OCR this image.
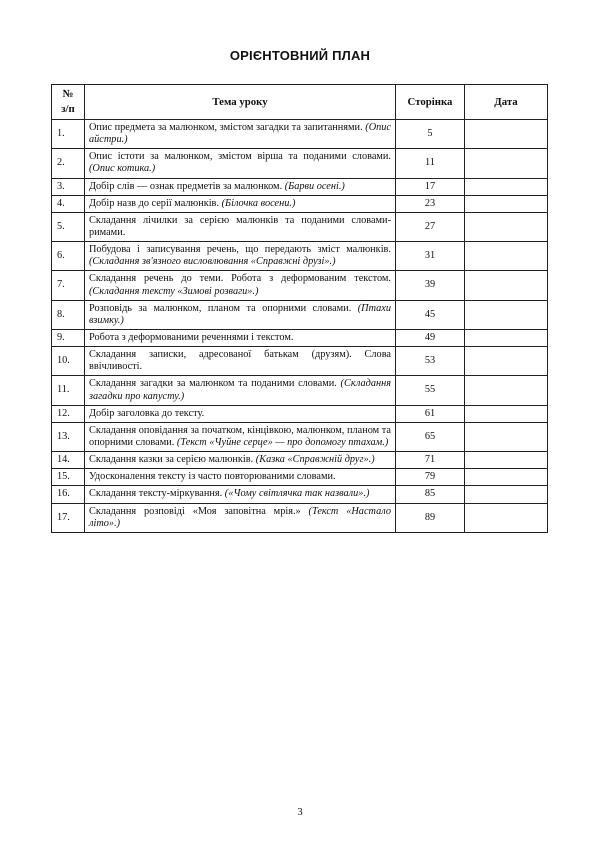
ОРІЄНТОВНИЙ ПЛАН
№
з/п	Тема уроку	Сторінка	Дата
1.	Опис предмета за малюнком, змістом загадки та запитаннями. (Опис айстри.)	5	
2.	Опис істоти за малюнком, змістом вірша та поданими словами. (Опис котика.)	11	
3.	Добір слів — ознак предметів за малюнком. (Барви осені.)	17	
4.	Добір назв до серії малюнків. (Білочка восени.)	23	
5.	Складання лічилки за серією малюнків та поданими словами-римами.	27	
6.	Побудова і записування речень, що передають зміст малюнків. (Складання зв'язного висловлювання «Справжні друзі».)	31	
7.	Складання речень до теми. Робота з деформованим текстом. (Складання тексту «Зимові розваги».)	39	
8.	Розповідь за малюнком, планом та опорними словами. (Птахи взимку.)	45	
9.	Робота з деформованими реченнями і текстом.	49	
10.	Складання записки, адресованої батькам (друзям). Слова ввічливості.	53	
11.	Складання загадки за малюнком та поданими словами. (Складання загадки про капусту.)	55	
12.	Добір заголовка до тексту.	61	
13.	Складання оповідання за початком, кінцівкою, малюнком, планом та опорними словами. (Текст «Чуйне серце» — про допомогу птахам.)	65	
14.	Складання казки за серією малюнків. (Казка «Справжній друг».)	71	
15.	Удосконалення тексту із часто повторюваними словами.	79	
16.	Складання тексту-міркування. («Чому світлячка так назвали».)	85	
17.	Складання розповіді «Моя заповітна мрія.» (Текст «Настало літо».)	89	
3
